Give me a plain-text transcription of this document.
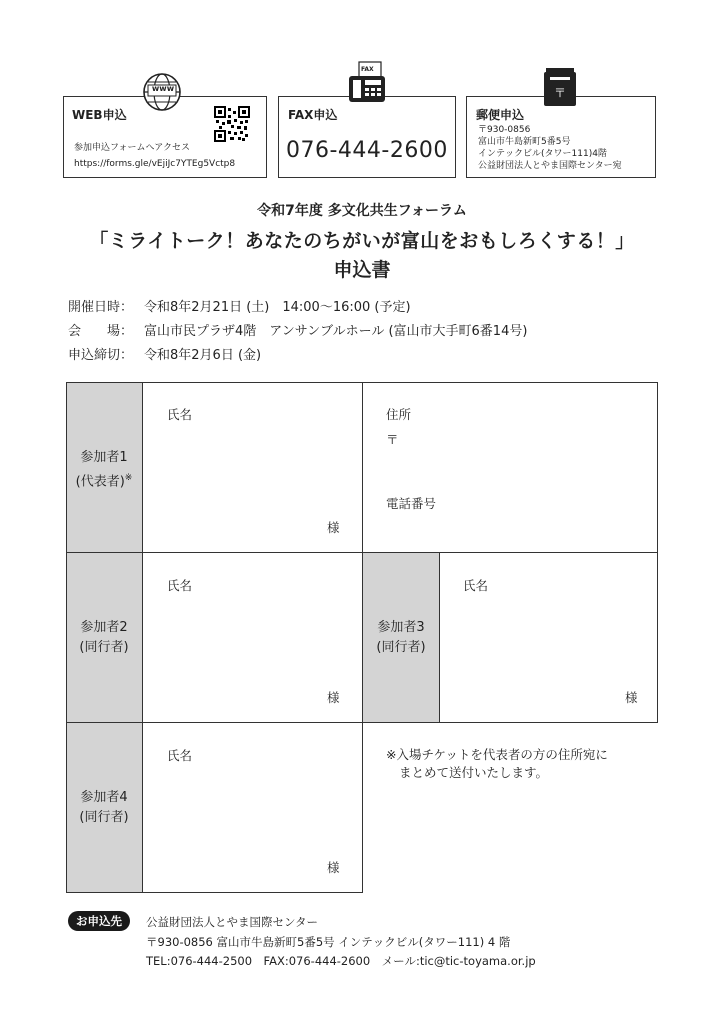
www
WEB申込
参加申込フォームへアクセス
https://forms.gle/vEjiJc7YTEg5Vctp8
FAX
FAX申込
076-444-2600
〒
郵便申込
〒930-0856
富山市牛島新町5番5号
インテックビル(タワー111)4階
公益財団法人とやま国際センター宛
令和7年度 多文化共生フォーラム
「ミライトーク！あなたのちがいが富山をおもしろくする！」
申込書
開催日時： 令和8年2月21日 (土)　14:00～16:00 (予定)
会　　場： 富山市民プラザ4階　アンサンブルホール (富山市大手町6番14号)
申込締切： 令和8年2月6日 (金)
参加者1
(代表者)※
氏名
様
住所
〒
電話番号
参加者2
(同行者)
氏名
様
参加者3
(同行者)
氏名
様
参加者4
(同行者)
氏名
様
※入場チケットを代表者の方の住所宛に
まとめて送付いたします。
お申込先	公益財団法人とやま国際センター
〒930-0856 富山市牛島新町5番5号 インテックビル(タワー111) 4 階
TEL:076-444-2500　FAX:076-444-2600　メール:tic@tic-toyama.or.jp
